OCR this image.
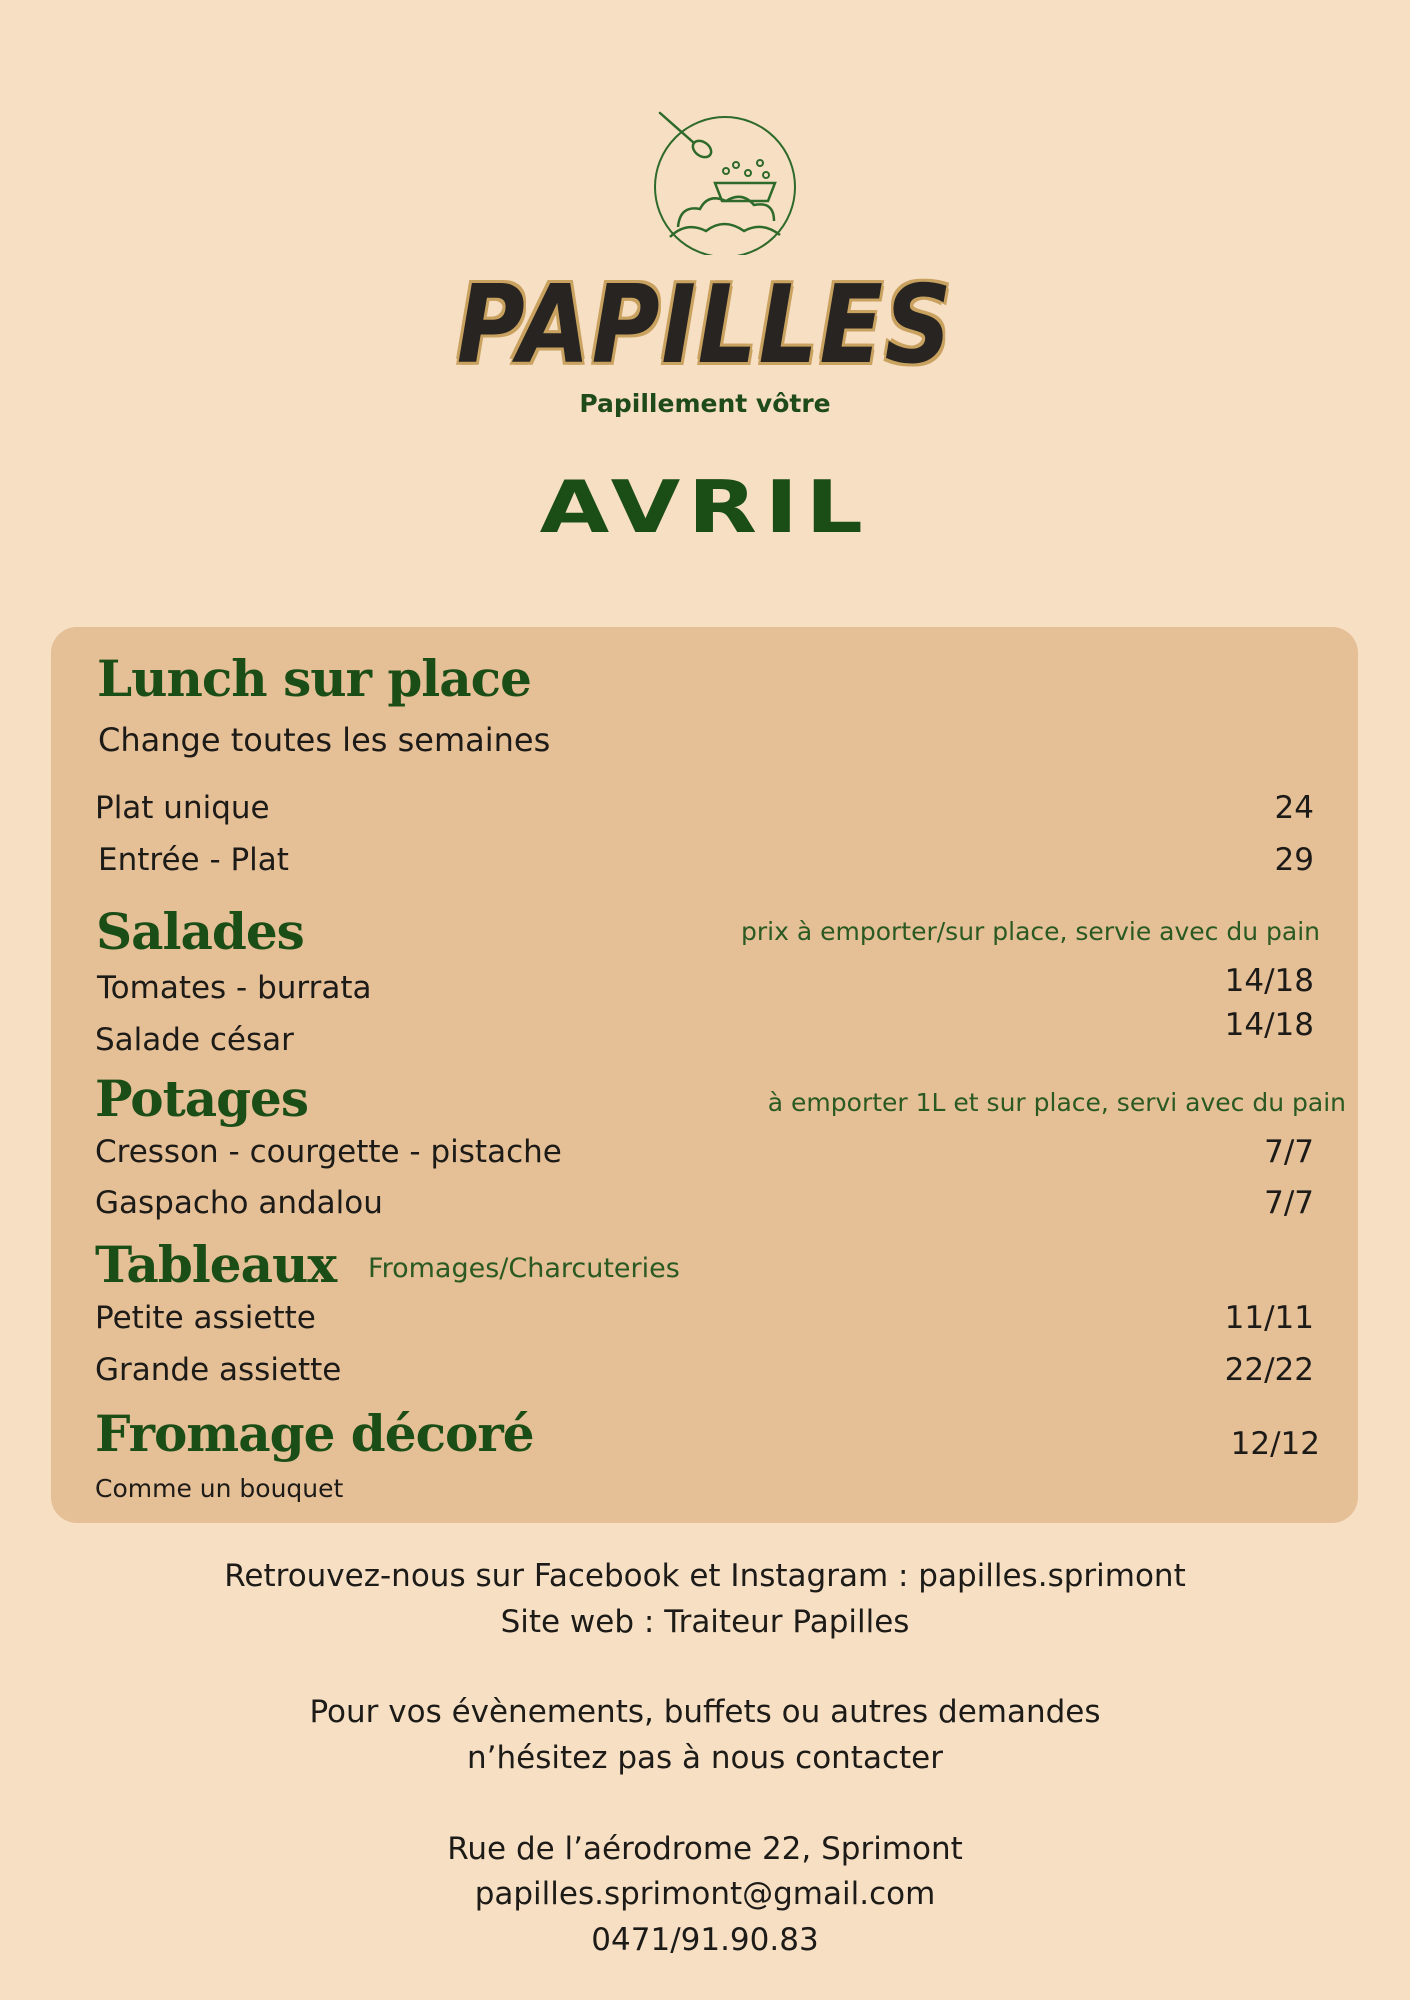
PAPILLES
Papillement vôtre
AVRIL
Lunch sur place
Change toutes les semaines
Plat unique	24
Entrée - Plat	29
Salades	prix à emporter/sur place, servie avec du pain
Tomates - burrata	14/18
Salade césar	14/18
Potages	à emporter 1L et sur place, servi avec du pain
Cresson - courgette - pistache	7/7
Gaspacho andalou	7/7
Tableaux Fromages/Charcuteries
Petite assiette	11/11
Grande assiette	22/22
Fromage décoré	12/12
Comme un bouquet
Retrouvez-nous sur Facebook et Instagram : papilles.sprimont
Site web : Traiteur Papilles
Pour vos évènements, buffets ou autres demandes
n’hésitez pas à nous contacter
Rue de l’aérodrome 22, Sprimont
papilles.sprimont@gmail.com
0471/91.90.83
